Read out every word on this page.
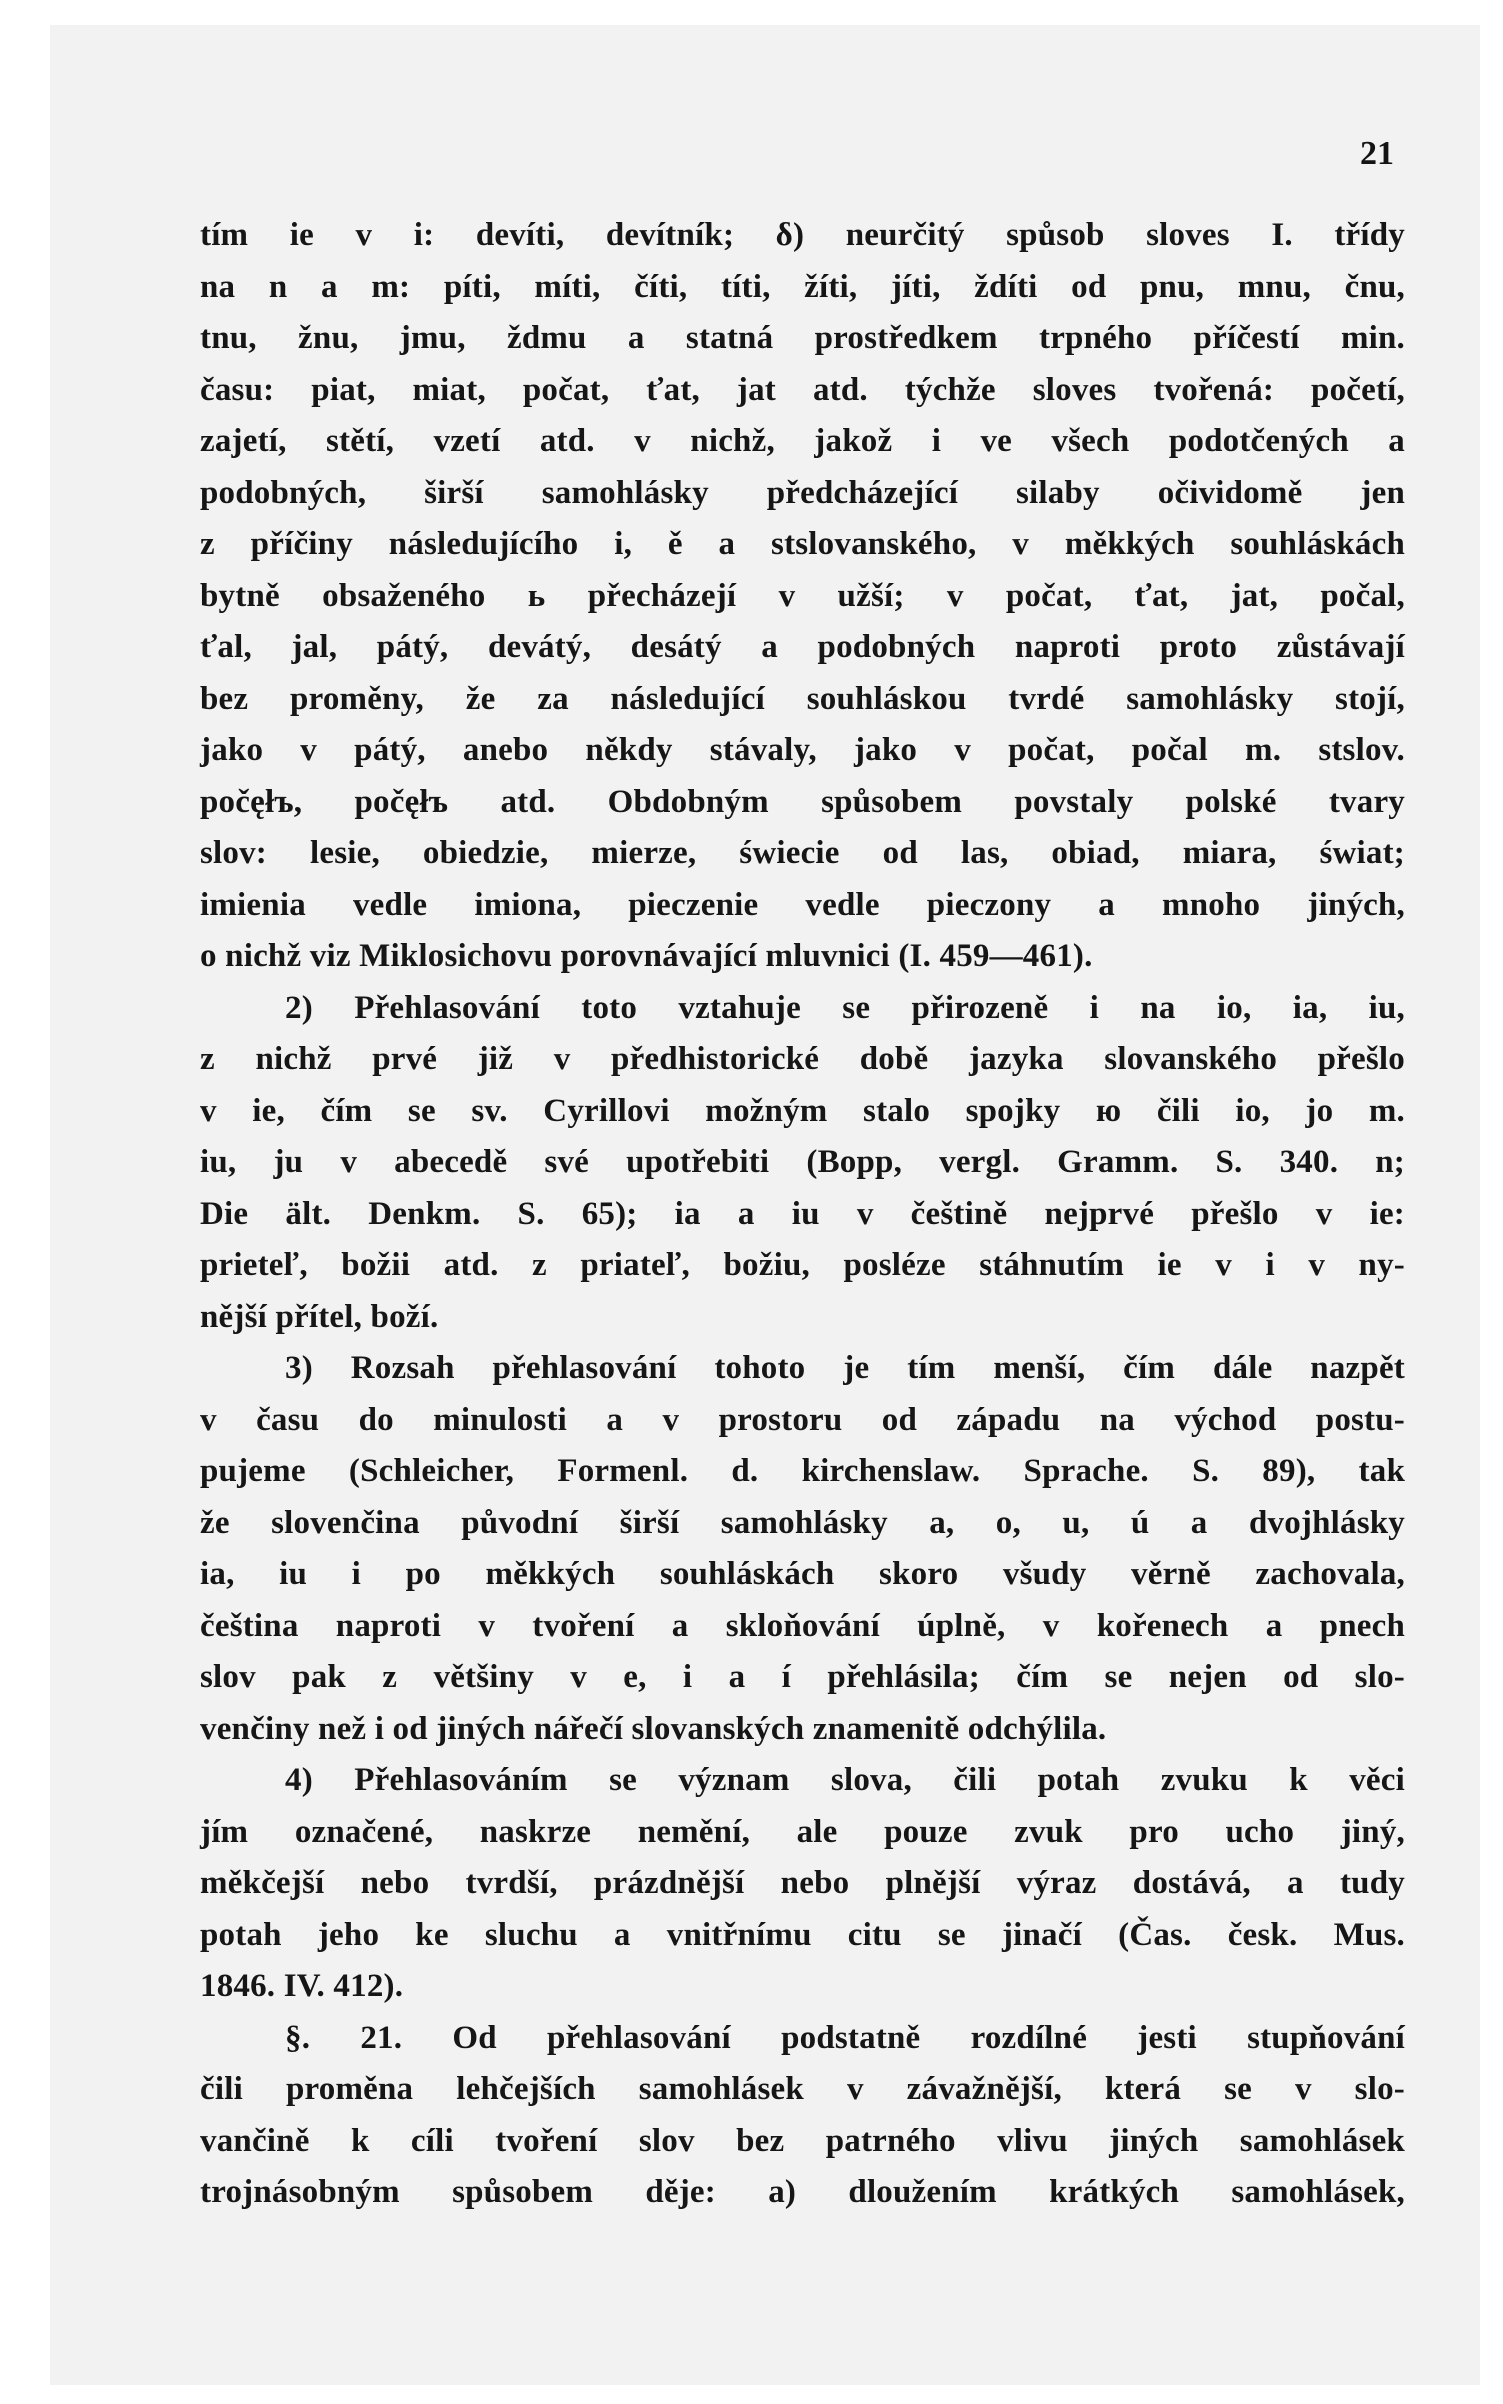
21

tím ie v i: devíti, devítník; δ) neurčitý spůsob sloves I. třídy

na n a m: píti, míti, číti, títi, žíti, jíti, ždíti od pnu, mnu, čnu,

tnu, žnu, jmu, ždmu a statná prostředkem trpného příčestí min.

času: piat, miat, počat, ťat, jat atd. týchže sloves tvořená: početí,

zajetí, stětí, vzetí atd. v nichž, jakož i ve všech podotčených a

podobných, širší samohlásky předcházející silaby očividomě jen

z příčiny následujícího i, ě a stslovanského, v měkkých souhláskách

bytně obsaženého ь přecházejí v užší; v počat, ťat, jat, počal,

ťal, jal, pátý, devátý, desátý a podobných naproti proto zůstávají

bez proměny, že za následující souhláskou tvrdé samohlásky stojí,

jako v pátý, anebo někdy stávaly, jako v počat, počal m. stslov.

počęłъ, počęłъ atd. Obdobným spůsobem povstaly polské tvary

slov: lesie, obiedzie, mierze, świecie od las, obiad, miara, świat;

imienia vedle imiona, pieczenie vedle pieczony a mnoho jiných,

o nichž viz Miklosichovu porovnávající mluvnici (I. 459—461).

2) Přehlasování toto vztahuje se přirozeně i na io, ia, iu,

z nichž prvé již v předhistorické době jazyka slovanského přešlo

v ie, čím se sv. Cyrillovi možným stalo spojky ю čili io, jo m.

iu, ju v abecedě své upotřebiti (Bopp, vergl. Gramm. S. 340. n;

Die ält. Denkm. S. 65); ia a iu v češtině nejprvé přešlo v ie:

prieteľ, božii atd. z priateľ, božiu, posléze stáhnutím ie v i v ny-

nější přítel, boží.

3) Rozsah přehlasování tohoto je tím menší, čím dále nazpět

v času do minulosti a v prostoru od západu na východ postu-

pujeme (Schleicher, Formenl. d. kirchenslaw. Sprache. S. 89), tak

že slovenčina původní širší samohlásky a, o, u, ú a dvojhlásky

ia, iu i po měkkých souhláskách skoro všudy věrně zachovala,

čeština naproti v tvoření a skloňování úplně, v kořenech a pnech

slov pak z většiny v e, i a í přehlásila; čím se nejen od slo-

venčiny než i od jiných nářečí slovanských znamenitě odchýlila.

4) Přehlasováním se význam slova, čili potah zvuku k věci

jím označené, naskrze nemění, ale pouze zvuk pro ucho jiný,

měkčejší nebo tvrdší, prázdnější nebo plnější výraz dostává, a tudy

potah jeho ke sluchu a vnitřnímu citu se jinačí (Čas. česk. Mus.

1846. IV. 412).

§. 21. Od přehlasování podstatně rozdílné jesti stupňování

čili proměna lehčejších samohlásek v závažnější, která se v slo-

vančině k cíli tvoření slov bez patrného vlivu jiných samohlásek

trojnásobným spůsobem děje: a) dloužením krátkých samohlásek,
